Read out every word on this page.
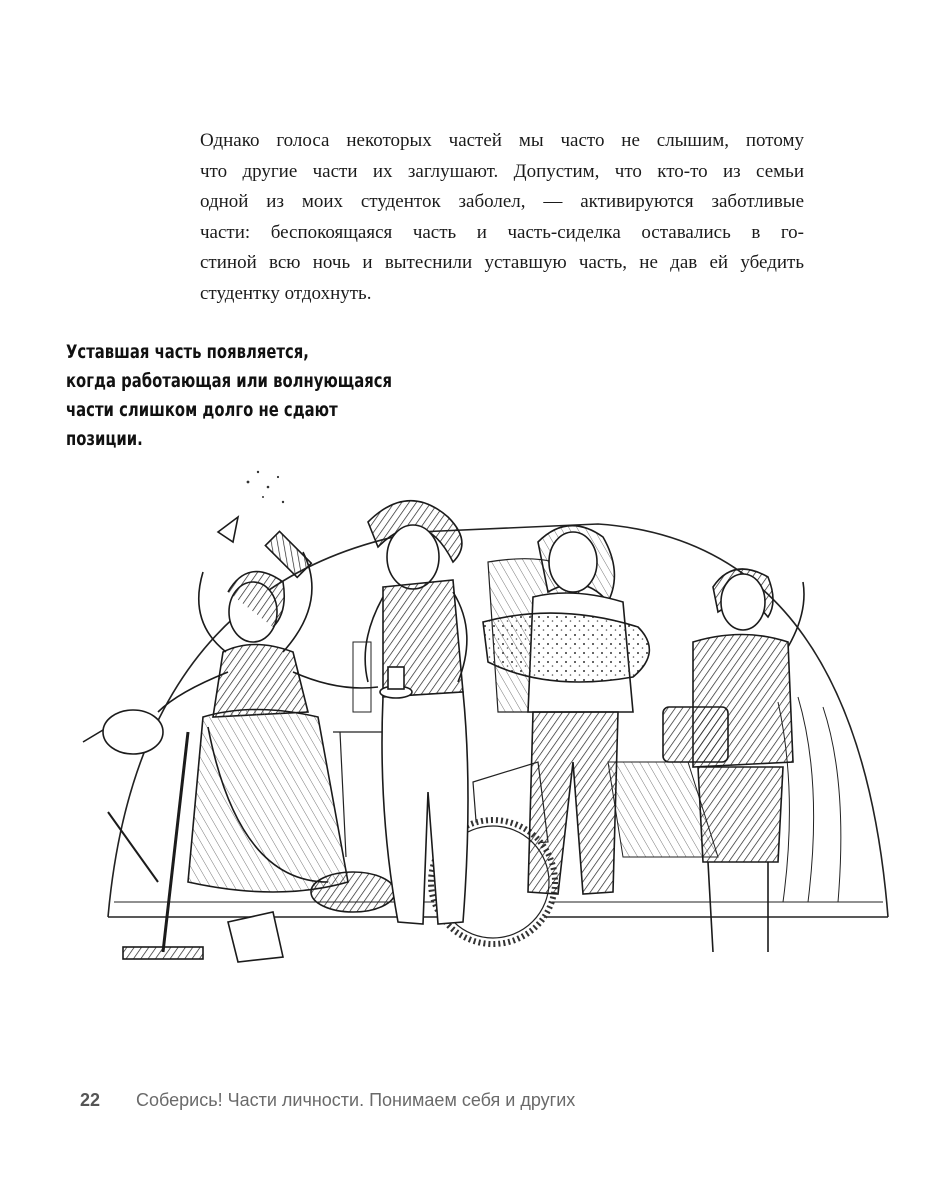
Однако голоса некоторых частей мы часто не слышим, потому
что другие части их заглушают. Допустим, что кто-то из семьи
одной из моих студенток заболел, — активируются заботливые
части: беспокоящаяся часть и часть-сиделка оставались в го-
стиной всю ночь и вытеснили уставшую часть, не дав ей убедить
студентку отдохнуть.

Уставшая часть появляется,
когда работающая или волнующаяся
части слишком долго не сдают
позиции.

22 Соберись! Части личности. Понимаем себя и других
